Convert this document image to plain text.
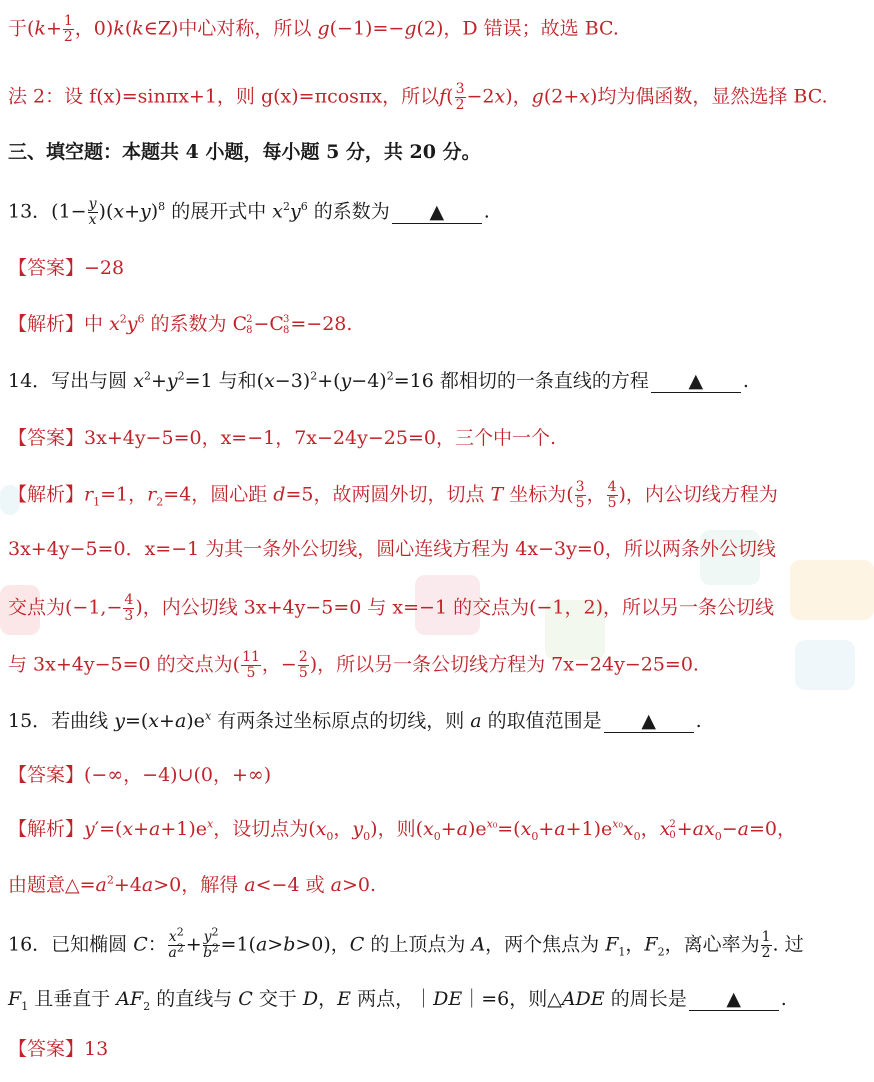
于($k+ \frac{1}{2}$ ，0)k(k∈Z)中心对称，所以 g(−1)=−g(2)，D 错误；故选 BC.
法 2：设 f(x)=sinπx+1，则 g(x)=πcosπx，所以$f( \frac{3}{2} -2x)$，g(2+x)均为偶函数，显然选择 BC.
三、填空题：本题共 4 小题，每小题 5 分，共 20 分。
13．$(1- \frac{y}{x} )(x+y)^8$ 的展开式中 $x^2y^6$ 的系数为 ▲ .
【答案】−28
【解析】中 $x^2y^6$ 的系数为 C 2
8 −C 3
8 =−28.
14．写出与圆 $x^2+y^2=1$ 与和$(x-3)^2+(y-4)^2=16$ 都相切的一条直线的方程 ▲ .
【答案】3x+4y−5=0，x=−1，7x−24y−25=0，三个中一个.
【解析】$r_1=1$，$r_2=4$，圆心距 d=5，故两圆外切，切点 T 坐标为( $\frac{3}{5}$ ， $\frac{4}{5}$ )，内公切线方程为
3x+4y−5=0．x=−1 为其一条外公切线，圆心连线方程为 4x−3y=0，所以两条外公切线
交点为($-1,- \frac{4}{3}$ )，内公切线 3x+4y−5=0 与 x=−1 的交点为(−1，2)，所以另一条公切线
与 3x+4y−5=0 的交点为( $\frac{11}{5}$ ，− $\frac{2}{5}$ )，所以另一条公切线方程为 7x−24y−25=0.
15．若曲线 $y=(x+a)e^x$ 有两条过坐标原点的切线，则 a 的取值范围是 ▲ .
【答案】(−∞，−4)∪(0，+∞)
【解析】$y'=(x+a+1)e^x$，设切点为($x_0$，$y_0$)，则$(x_0+a)e^{x_0}=(x_0+a+1)e^{x_0}x_0$，x 2
$0 +ax_0-a=0$，
由题意$\triangle=a^2+4a>0$，解得 a<−4 或 a>0.
16．已知椭圆 C： $\frac{x^2}{a^2} + \frac{y^2}{b^2} =1(a>b>0)$，C 的上顶点为 A，两个焦点为 $F_1$，$F_2$，离心率为 $\frac{1}{2}$ . 过
$F_1$ 且垂直于 $AF_2$ 的直线与 C 交于 D，E 两点，｜DE｜=6，则△ADE 的周长是 ▲ .
【答案】13
